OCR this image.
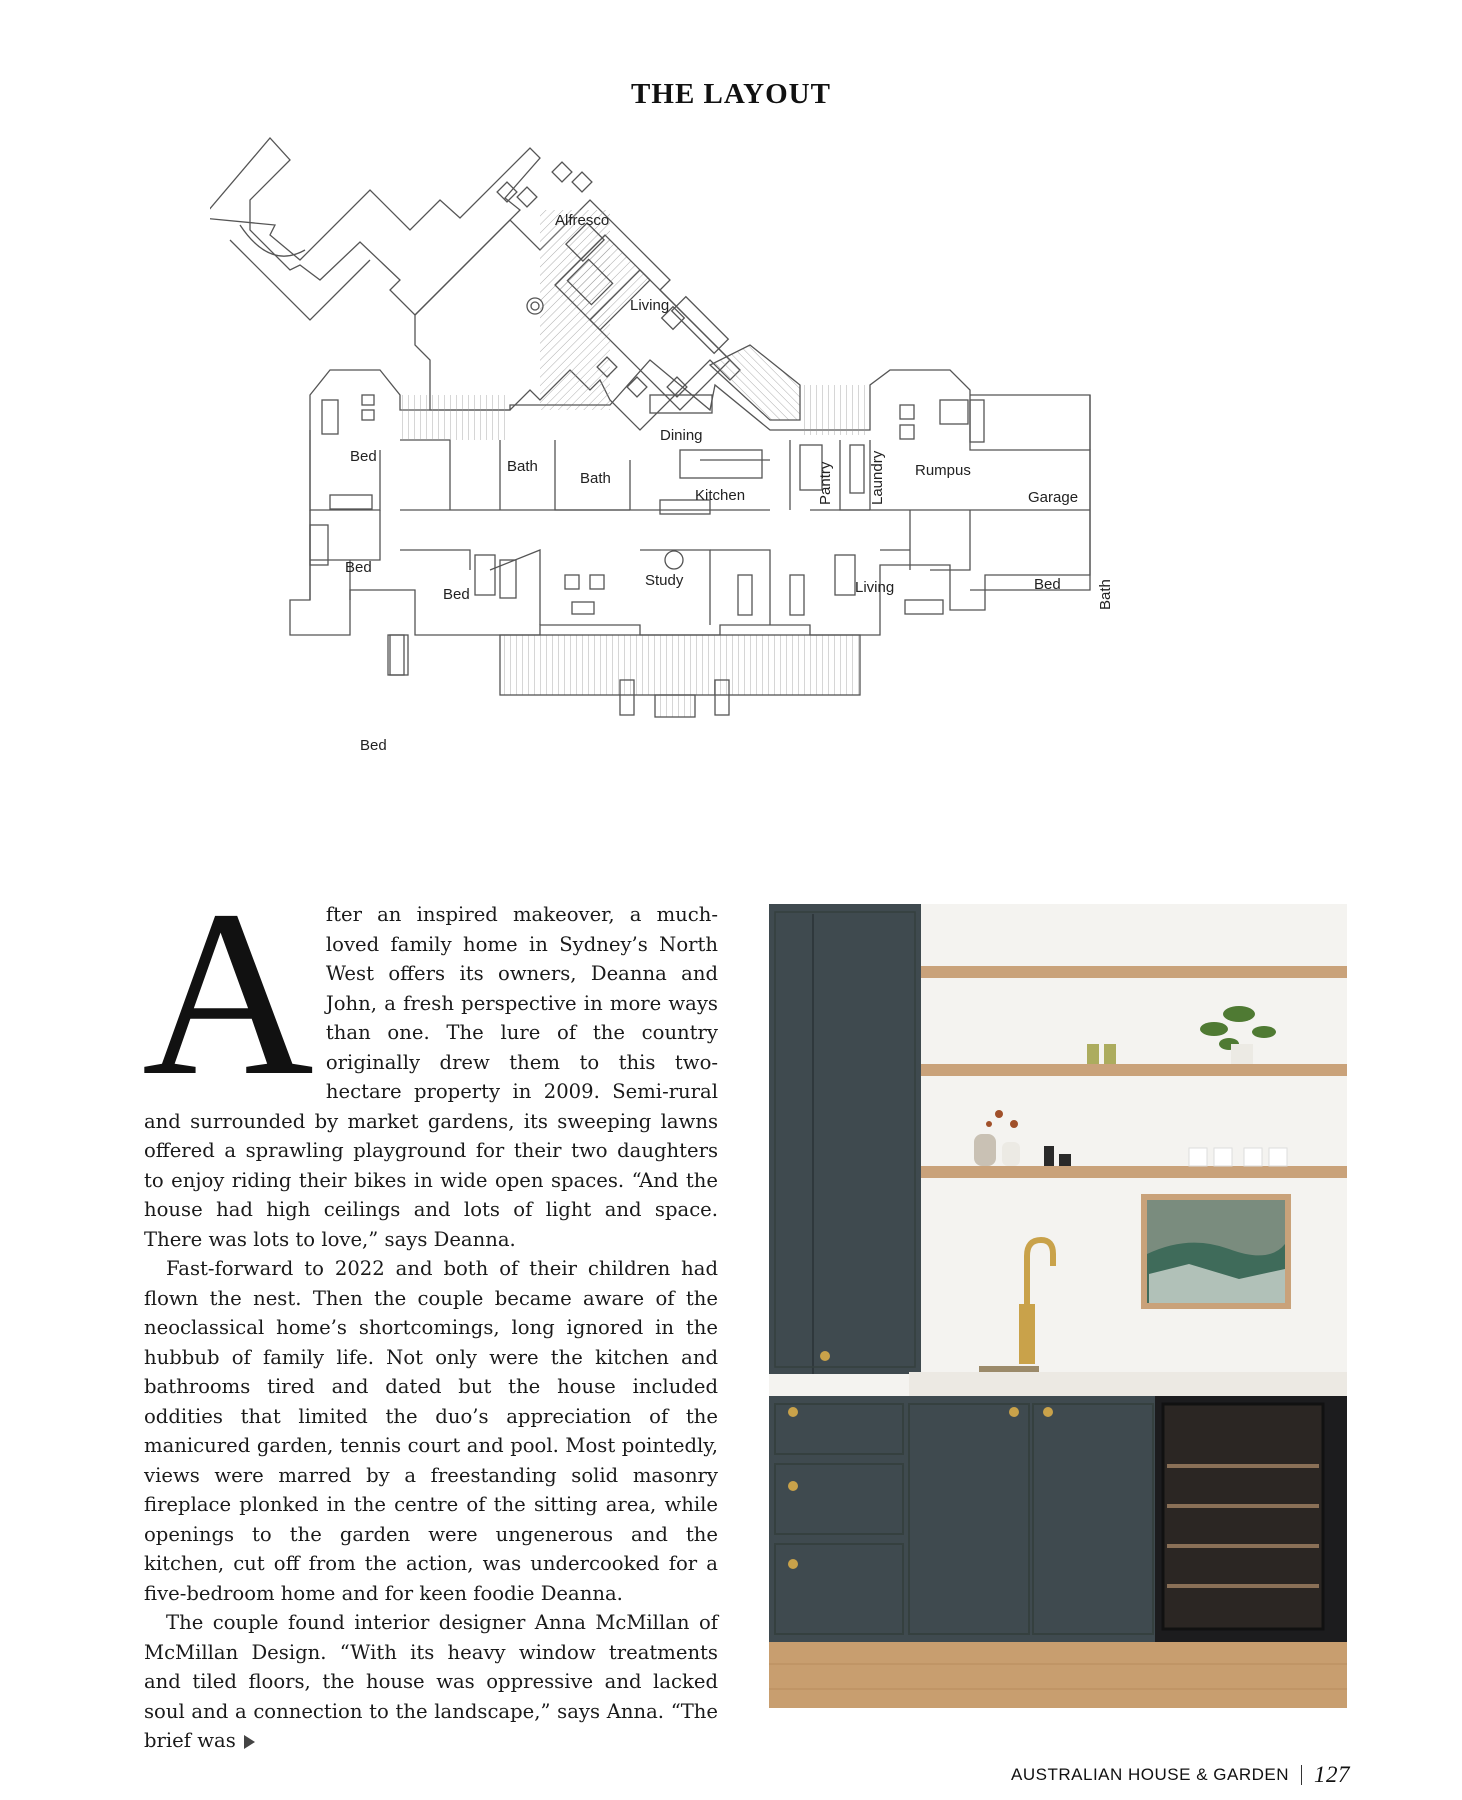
THE LAYOUT
Alfresco
Living
Dining
Kitchen	Pantry Laundry Rumpus
Garage
Bed
Bath
Bath
Bed
Bed
Study	Living	Bed Bath
Bed

After an inspired makeover, a much-loved family home in Sydney’s North West offers its owners, Deanna and John, a fresh perspective in more ways than one. The lure of the country originally drew them to this two-hectare property in 2009. Semi-rural and surrounded by market gardens, its sweeping lawns offered a sprawling playground for their two daughters to enjoy riding their bikes in wide open spaces. “And the house had high ceilings and lots of light and space. There was lots to love,” says Deanna.

Fast-forward to 2022 and both of their children had flown the nest. Then the couple became aware of the neoclassical home’s shortcomings, long ignored in the hubbub of family life. Not only were the kitchen and bathrooms tired and dated but the house included oddities that limited the duo’s appreciation of the manicured garden, tennis court and pool. Most pointedly, views were marred by a freestanding solid masonry fireplace plonked in the centre of the sitting area, while openings to the garden were ungenerous and the kitchen, cut off from the action, was undercooked for a five-bedroom home and for keen foodie Deanna.

The couple found interior designer Anna McMillan of McMillan Design. “With its heavy window treatments and tiled floors, the house was oppressive and lacked soul and a connection to the landscape,” says Anna. “The brief was

AUSTRALIAN HOUSE & GARDEN 127
